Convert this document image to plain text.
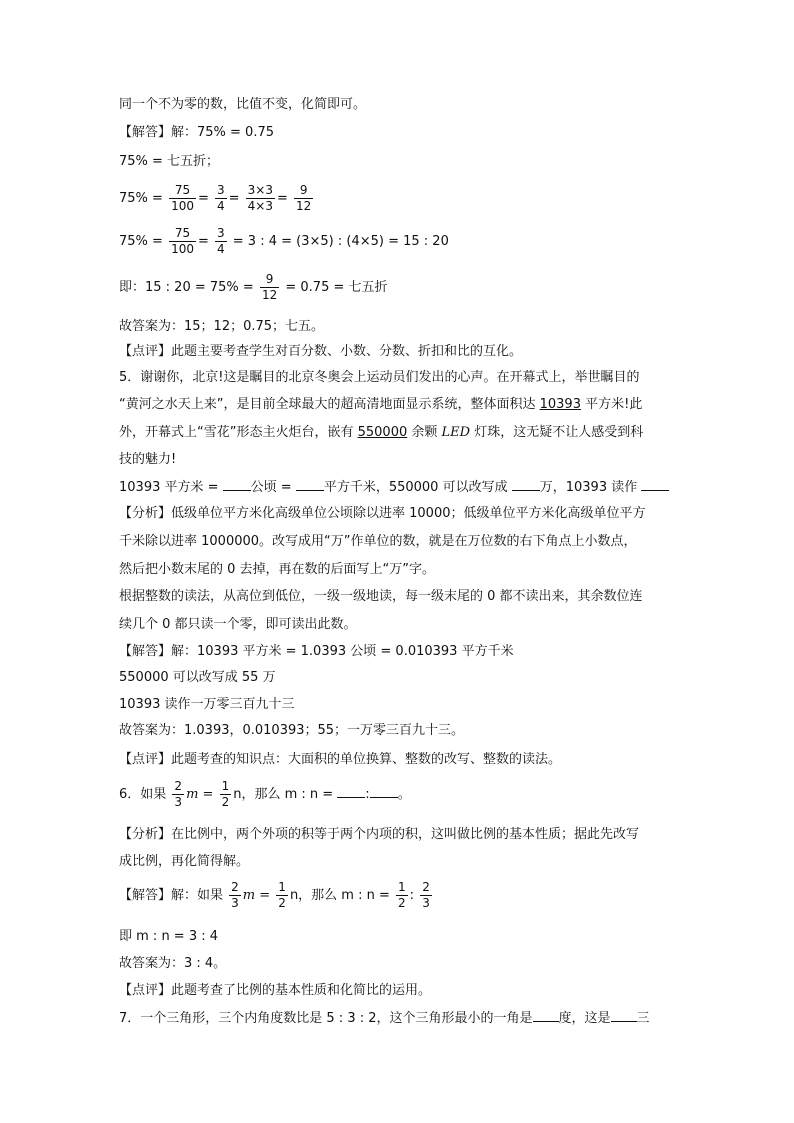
同一个不为零的数，比值不变，化简即可。
【解答】解：75% = 0.75
75% = 七五折；
$75\% = \frac{75}{100} = \frac{3}{4} = \frac{3\times 3}{4\times 3} = \frac{9}{12}$
$75\% = \frac{75}{100} = \frac{3}{4} = 3$ : 4 = (3×5) : (4×5) = 15 : 20
即：15 : $20 = 75\% = \frac{9}{12} = 0.75$ = 七五折
故答案为：15；12；0.75；七五。
【点评】此题主要考查学生对百分数、小数、分数、折扣和比的互化。
5．谢谢你，北京!这是瞩目的北京冬奥会上运动员们发出的心声。在开幕式上，举世瞩目的
“黄河之水天上来”，是目前全球最大的超高清地面显示系统，整体面积达 10393 平方米!此
外，开幕式上“雪花”形态主火炬台，嵌有 550000 余颗 LED 灯珠，这无疑不让人感受到科
技的魅力!
10393 平方米 = 公顷 = 平方千米，550000 可以改写成 万，10393 读作
【分析】低级单位平方米化高级单位公顷除以进率 10000；低级单位平方米化高级单位平方
千米除以进率 1000000。改写成用“万”作单位的数，就是在万位数的右下角点上小数点，
然后把小数末尾的 0 去掉，再在数的后面写上“万”字。
根据整数的读法，从高位到低位，一级一级地读，每一级末尾的 0 都不读出来，其余数位连
续几个 0 都只读一个零，即可读出此数。
【解答】解：10393 平方米 = 1.0393 公顷 = 0.010393 平方千米
550000 可以改写成 55 万
10393 读作一万零三百九十三
故答案为：1.0393，0.010393；55；一万零三百九十三。
【点评】此题考查的知识点：大面积的单位换算、整数的改写、整数的读法。
6．如果 $\frac{2}{3}$ $m = \frac{1}{2}$ n，那么 m : n = : 。
【分析】在比例中，两个外项的积等于两个内项的积，这叫做比例的基本性质；据此先改写
成比例，再化简得解。
【解答】解：如果 $\frac{2}{3}$ $m = \frac{1}{2}$ n，那么 m : $n = \frac{1}{2}$ : $\frac{2}{3}$
即 m : n = 3 : 4
故答案为：3 : 4。
【点评】此题考查了比例的基本性质和化简比的运用。
7．一个三角形，三个内角度数比是 5 : 3 : 2，这个三角形最小的一角是 度，这是 三
